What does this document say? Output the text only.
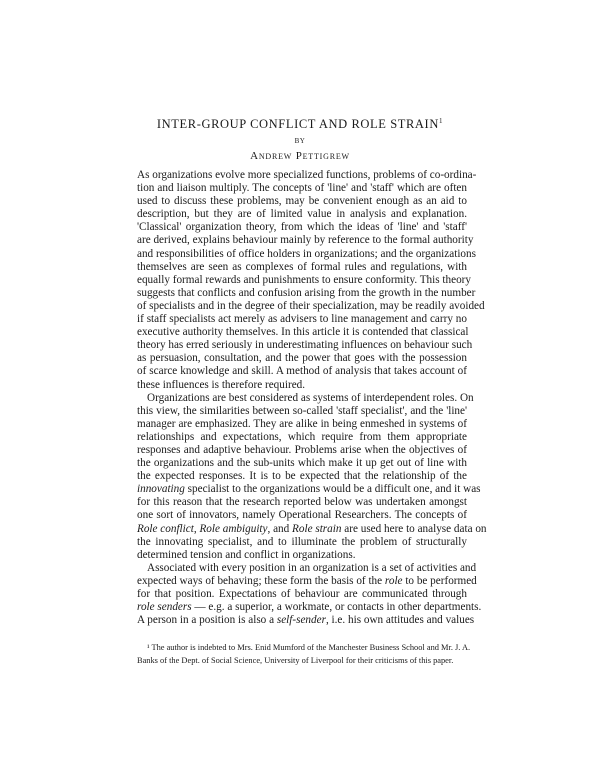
INTER-GROUP CONFLICT AND ROLE STRAIN$^1$
BY
Andrew Pettigrew
As organizations evolve more specialized functions, problems of co-ordina-
tion and liaison multiply. The concepts of 'line' and 'staff' which are often
used to discuss these problems, may be convenient enough as an aid to
description, but they are of limited value in analysis and explanation.
'Classical' organization theory, from which the ideas of 'line' and 'staff'
are derived, explains behaviour mainly by reference to the formal authority
and responsibilities of office holders in organizations; and the organizations
themselves are seen as complexes of formal rules and regulations, with
equally formal rewards and punishments to ensure conformity. This theory
suggests that conflicts and confusion arising from the growth in the number
of specialists and in the degree of their specialization, may be readily avoided
if staff specialists act merely as advisers to line management and carry no
executive authority themselves. In this article it is contended that classical
theory has erred seriously in underestimating influences on behaviour such
as persuasion, consultation, and the power that goes with the possession
of scarce knowledge and skill. A method of analysis that takes account of
these influences is therefore required.
Organizations are best considered as systems of interdependent roles. On
this view, the similarities between so-called 'staff specialist', and the 'line'
manager are emphasized. They are alike in being enmeshed in systems of
relationships and expectations, which require from them appropriate
responses and adaptive behaviour. Problems arise when the objectives of
the organizations and the sub-units which make it up get out of line with
the expected responses. It is to be expected that the relationship of the
innovating specialist to the organizations would be a difficult one, and it was
for this reason that the research reported below was undertaken amongst
one sort of innovators, namely Operational Researchers. The concepts of
Role conflict, Role ambiguity, and Role strain are used here to analyse data on
the innovating specialist, and to illuminate the problem of structurally
determined tension and conflict in organizations.
Associated with every position in an organization is a set of activities and
expected ways of behaving; these form the basis of the role to be performed
for that position. Expectations of behaviour are communicated through
role senders — e.g. a superior, a workmate, or contacts in other departments.
A person in a position is also a self-sender, i.e. his own attitudes and values
¹ The author is indebted to Mrs. Enid Mumford of the Manchester Business School and Mr. J. A.
Banks of the Dept. of Social Science, University of Liverpool for their criticisms of this paper.
